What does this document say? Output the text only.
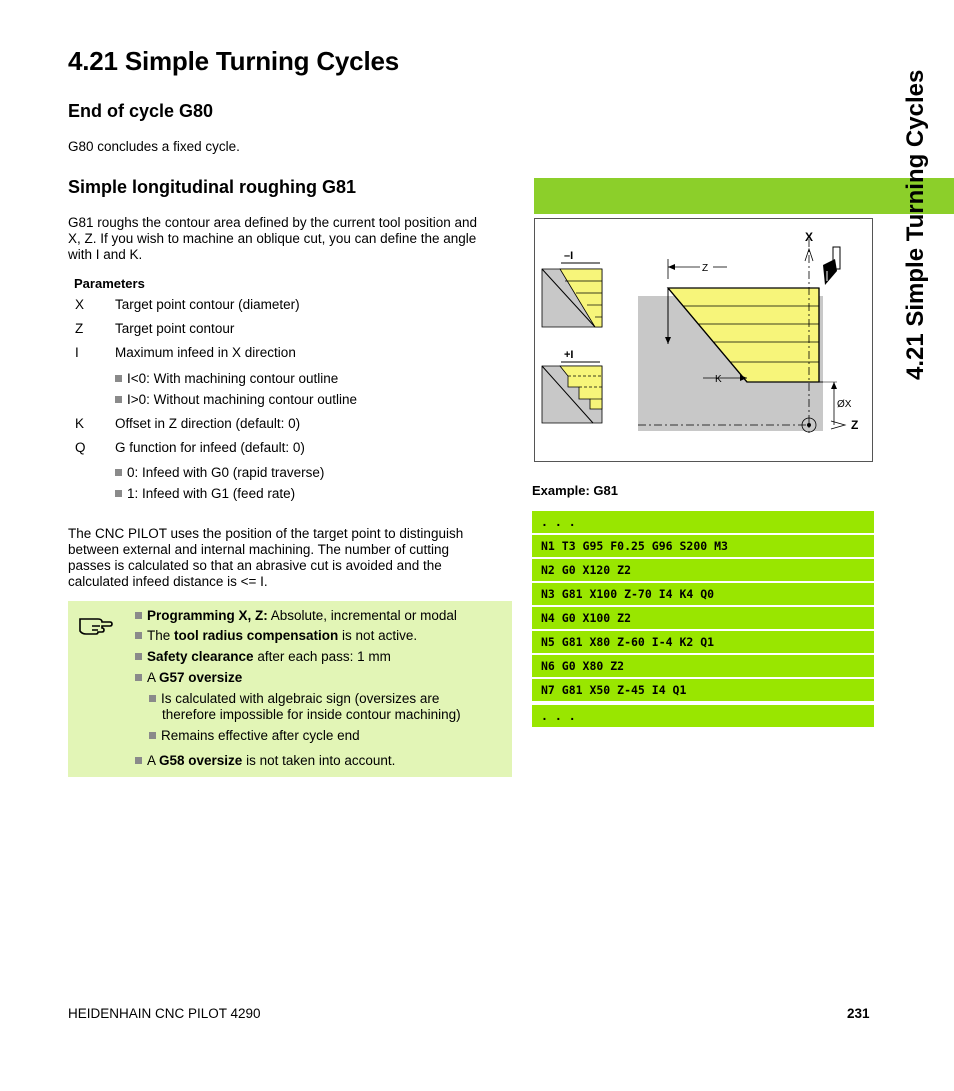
4.21 Simple Turning Cycles
4.21 Simple Turning Cycles
End of cycle G80

G80 concludes a fixed cycle.

Simple longitudinal roughing G81

G81 roughs the contour area defined by the current tool position and

X, Z. If you wish to machine an oblique cut, you can define the angle

with I and K.

Parameters
X Target point contour (diameter)
Z Target point contour
I	Maximum infeed in X direction
I<0: With machining contour outline
I>0: Without machining contour outline
K Offset in Z direction (default: 0)
Q G function for infeed (default: 0)
0: Infeed with G0 (rapid traverse)
1: Infeed with G1 (feed rate)

The CNC PILOT uses the position of the target point to distinguish

between external and internal machining. The number of cutting

passes is calculated so that an abrasive cut is avoided and the

calculated infeed distance is <= I.

Programming X, Z: Absolute, incremental or modal
The tool radius compensation is not active.
Safety clearance after each pass: 1 mm
A G57 oversize
Is calculated with algebraic sign (oversizes are
therefore impossible for inside contour machining)
Remains effective after cycle end
A G58 oversize is not taken into account.
–I
+I
Z
K
X
Z
ØX
Example: G81
. . .
N1 T3 G95 F0.25 G96 S200 M3
N2 G0 X120 Z2
N3 G81 X100 Z-70 I4 K4 Q0
N4 G0 X100 Z2
N5 G81 X80 Z-60 I-4 K2 Q1
N6 G0 X80 Z2
N7 G81 X50 Z-45 I4 Q1
. . .
HEIDENHAIN CNC PILOT 4290	231
